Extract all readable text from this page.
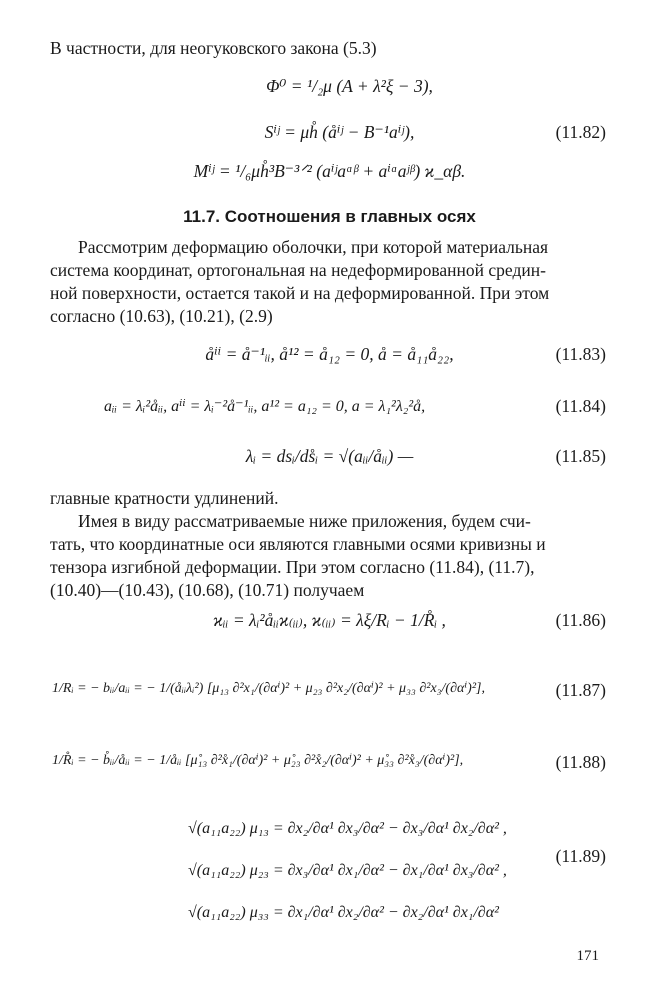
В частности, для неогуковского закона (5.3)
Φ⁰ = ¹/₂μ (A + λ²ξ − 3),
Sⁱʲ = μh̊ (åⁱʲ − B⁻¹aⁱʲ),	(11.82)
Mⁱʲ = ¹/₆μh̊³B⁻³ᐟ² (aⁱʲaᵅᵝ + aⁱᵅaʲᵝ) ϰ_αβ.
11.7. Соотношения в главных осях
Рассмотрим деформацию оболочки, при которой материальная
система координат, ортогональная на недеформированной средин-
ной поверхности, остается такой и на деформированной. При этом
согласно (10.63), (10.21), (2.9)
åⁱⁱ = å⁻¹ᵢᵢ, å¹² = å₁₂ = 0, å = å₁₁å₂₂,	(11.83)
aᵢᵢ = λᵢ²åᵢᵢ, aⁱⁱ = λᵢ⁻²å⁻¹ᵢᵢ, a¹² = a₁₂ = 0, a = λ₁²λ₂²å,	(11.84)
λᵢ = dsᵢ/ds̊ᵢ = √(aᵢᵢ/åᵢᵢ) —	(11.85)
главные кратности удлинений.
Имея в виду рассматриваемые ниже приложения, будем счи-
тать, что координатные оси являются главными осями кривизны и
тензора изгибной деформации. При этом согласно (11.84), (11.7),
(10.40)—(10.43), (10.68), (10.71) получаем
ϰᵢᵢ = λᵢ²åᵢᵢϰ₍ᵢᵢ₎, ϰ₍ᵢᵢ₎ = λξ/Rᵢ − 1/R̊ᵢ ,	(11.86)
1/Rᵢ = − bᵢᵢ/aᵢᵢ = − 1/(åᵢᵢλᵢ²) [μ₁₃ ∂²x₁/(∂αⁱ)² + μ₂₃ ∂²x₂/(∂αⁱ)² + μ₃₃ ∂²x₃/(∂αⁱ)²],	(11.87)
1/R̊ᵢ = − b̊ᵢᵢ/åᵢᵢ = − 1/åᵢᵢ [μ̊₁₃ ∂²x̊₁/(∂αⁱ)² + μ̊₂₃ ∂²x̊₂/(∂αⁱ)² + μ̊₃₃ ∂²x̊₃/(∂αⁱ)²],	(11.88)
√(a₁₁a₂₂) μ₁₃ = ∂x₂/∂α¹ ∂x₃/∂α² − ∂x₃/∂α¹ ∂x₂/∂α² ,
√(a₁₁a₂₂) μ₂₃ = ∂x₃/∂α¹ ∂x₁/∂α² − ∂x₁/∂α¹ ∂x₃/∂α² ,
(11.89)
√(a₁₁a₂₂) μ₃₃ = ∂x₁/∂α¹ ∂x₂/∂α² − ∂x₂/∂α¹ ∂x₁/∂α²
171
